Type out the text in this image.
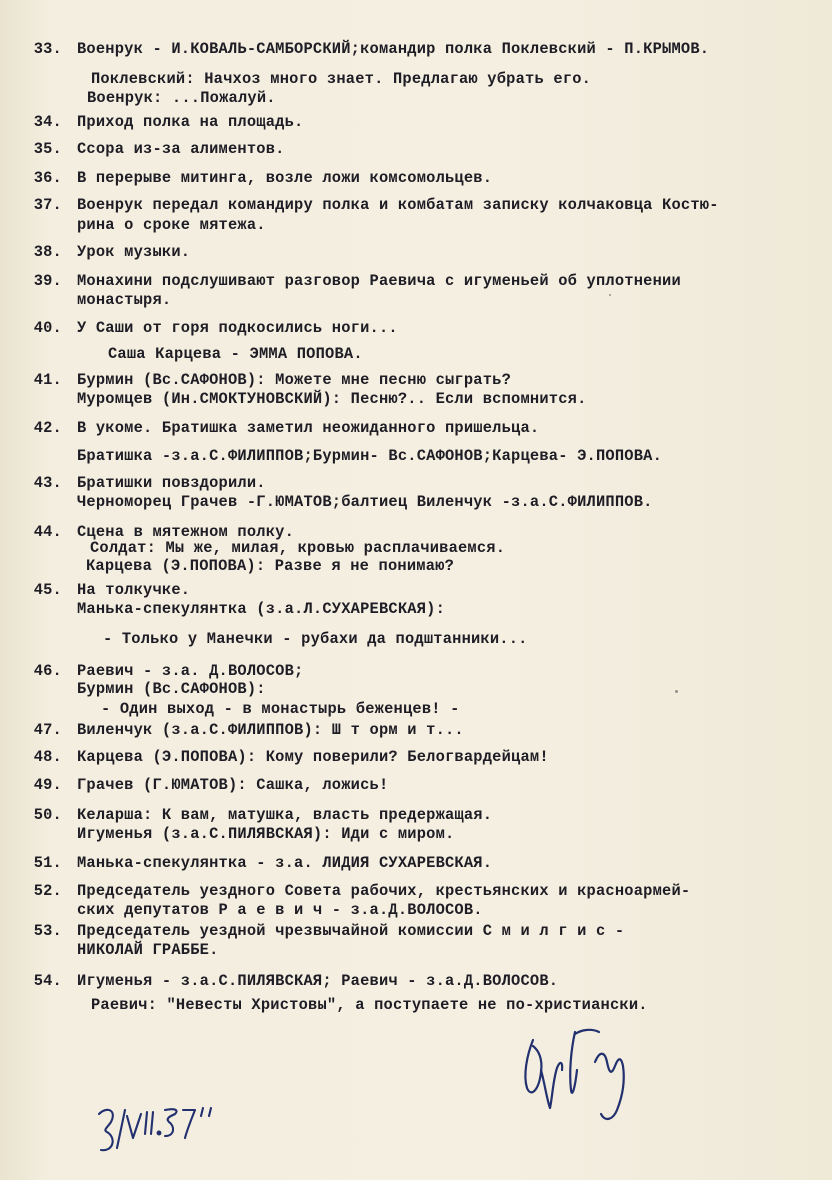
33. Военрук - И.КОВАЛЬ-САМБОРСКИЙ;командир полка Поклевский - П.КРЫМОВ.
Поклевский: Начхоз много знает. Предлагаю убрать его.
Военрук: ...Пожалуй.
34. Приход полка на площадь.
35. Ссора из-за алиментов.
36. В перерыве митинга, возле ложи комсомольцев.
37. Военрук передал командиру полка и комбатам записку колчаковца Костю-
рина о сроке мятежа.
38. Урок музыки.
39. Монахини подслушивают разговор Раевича с игуменьей об уплотнении
монастыря.
40. У Саши от горя подкосились ноги...
Саша Карцева - ЭММА ПОПОВА.
41. Бурмин (Вс.САФОНОВ): Можете мне песню сыграть?
Муромцев (Ин.СМОКТУНОВСКИЙ): Песню?.. Если вспомнится.
42. В укоме. Братишка заметил неожиданного пришельца.
Братишка -з.а.С.ФИЛИППОВ;Бурмин- Вс.САФОНОВ;Карцева- Э.ПОПОВА.
43. Братишки повздорили.
Черноморец Грачев -Г.ЮМАТОВ;балтиец Виленчук -з.а.С.ФИЛИППОВ.
44. Сцена в мятежном полку.
Солдат: Мы же, милая, кровью расплачиваемся.
Карцева (Э.ПОПОВА): Разве я не понимаю?
45. На толкучке.
Манька-спекулянтка (з.а.Л.СУХАРЕВСКАЯ):
- Только у Манечки - рубахи да подштанники...
46. Раевич - з.а. Д.ВОЛОСОВ;
Бурмин (Вс.САФОНОВ):
- Один выход - в монастырь беженцев! -
47. Виленчук (з.а.С.ФИЛИППОВ): Ш т орм и т...
48. Карцева (Э.ПОПОВА): Кому поверили? Белогвардейцам!
49. Грачев (Г.ЮМАТОВ): Сашка, ложись!
50. Келарша: К вам, матушка, власть предержащая.
Игуменья (з.а.С.ПИЛЯВСКАЯ): Иди с миром.
51. Манька-спекулянтка - з.а. ЛИДИЯ СУХАРЕВСКАЯ.
52. Председатель уездного Совета рабочих, крестьянских и красноармей-
ских депутатов Р а е в и ч - з.а.Д.ВОЛОСОВ.
53. Председатель уездной чрезвычайной комиссии С м и л г и с -
НИКОЛАЙ ГРАББЕ.
54. Игуменья - з.а.С.ПИЛЯВСКАЯ; Раевич - з.а.Д.ВОЛОСОВ.
Раевич: "Невесты Христовы", а поступаете не по-христиански.
